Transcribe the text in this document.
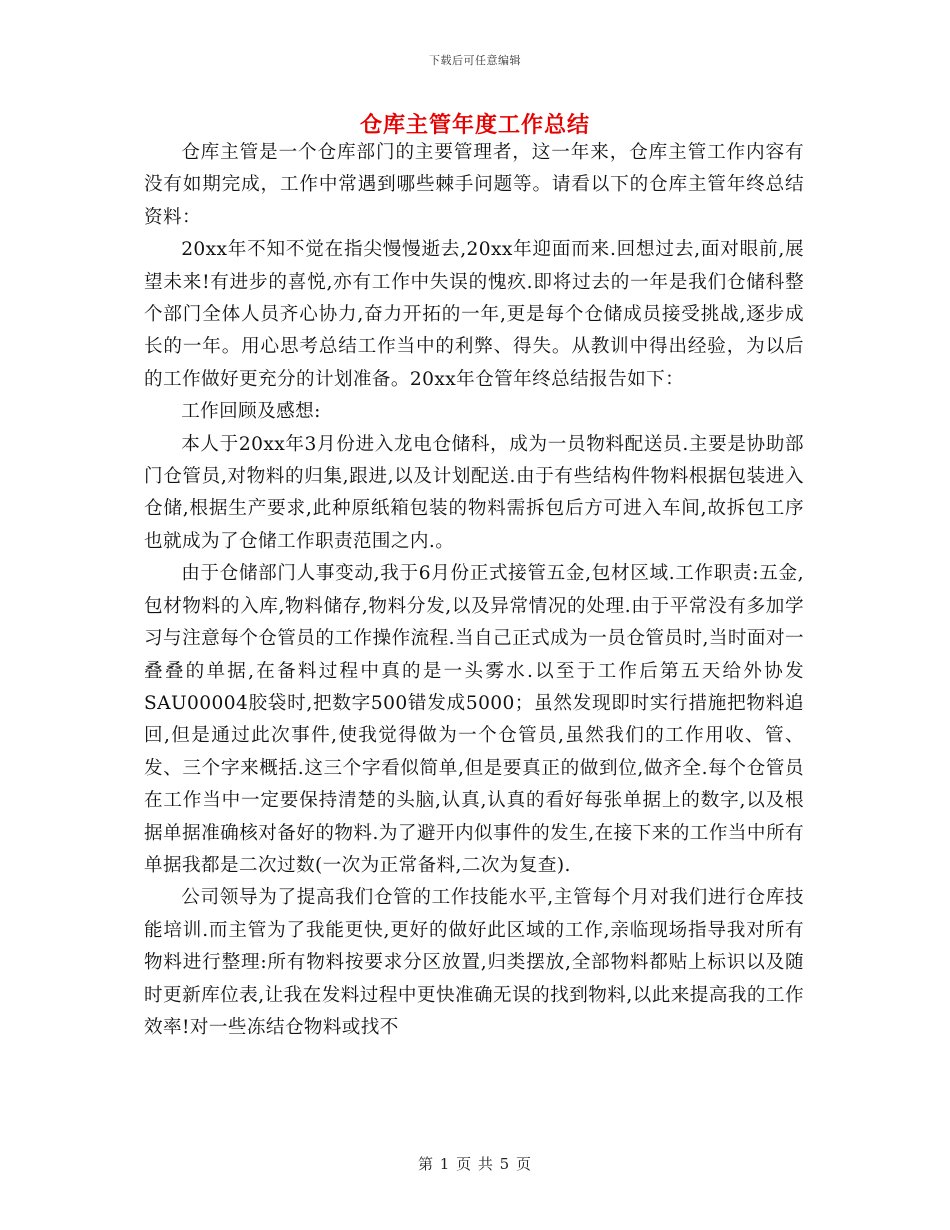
下载后可任意编辑
仓库主管年度工作总结

仓库主管是一个仓库部门的主要管理者，这一年来，仓库主管工作内容有没有如期完成，工作中常遇到哪些棘手问题等。请看以下的仓库主管年终总结资料：

20xx年不知不觉在指尖慢慢逝去,20xx年迎面而来.回想过去,面对眼前,展望未来!有进步的喜悦,亦有工作中失误的愧疚.即将过去的一年是我们仓储科整个部门全体人员齐心协力,奋力开拓的一年,更是每个仓储成员接受挑战,逐步成长的一年。用心思考总结工作当中的利弊、得失。从教训中得出经验，为以后的工作做好更充分的计划准备。20xx年仓管年终总结报告如下：

工作回顾及感想:

本人于20xx年3月份进入龙电仓储科，成为一员物料配送员.主要是协助部门仓管员,对物料的归集,跟进,以及计划配送.由于有些结构件物料根据包装进入仓储,根据生产要求,此种原纸箱包装的物料需拆包后方可进入车间,故拆包工序也就成为了仓储工作职责范围之内.。

由于仓储部门人事变动,我于6月份正式接管五金,包材区域.工作职责:五金,包材物料的入库,物料储存,物料分发,以及异常情况的处理.由于平常没有多加学习与注意每个仓管员的工作操作流程.当自己正式成为一员仓管员时,当时面对一叠叠的单据,在备料过程中真的是一头雾水.以至于工作后第五天给外协发SAU00004胶袋时,把数字500错发成5000；虽然发现即时实行措施把物料追回,但是通过此次事件,使我觉得做为一个仓管员,虽然我们的工作用收、管、发、三个字来概括.这三个字看似简单,但是要真正的做到位,做齐全.每个仓管员在工作当中一定要保持清楚的头脑,认真,认真的看好每张单据上的数字,以及根据单据准确核对备好的物料.为了避开内似事件的发生,在接下来的工作当中所有单据我都是二次过数(一次为正常备料,二次为复查).

公司领导为了提高我们仓管的工作技能水平,主管每个月对我们进行仓库技能培训.而主管为了我能更快,更好的做好此区域的工作,亲临现场指导我对所有物料进行整理:所有物料按要求分区放置,归类摆放,全部物料都贴上标识以及随时更新库位表,让我在发料过程中更快准确无误的找到物料,以此来提高我的工作效率!对一些冻结仓物料或找不

第 1 页 共 5 页
